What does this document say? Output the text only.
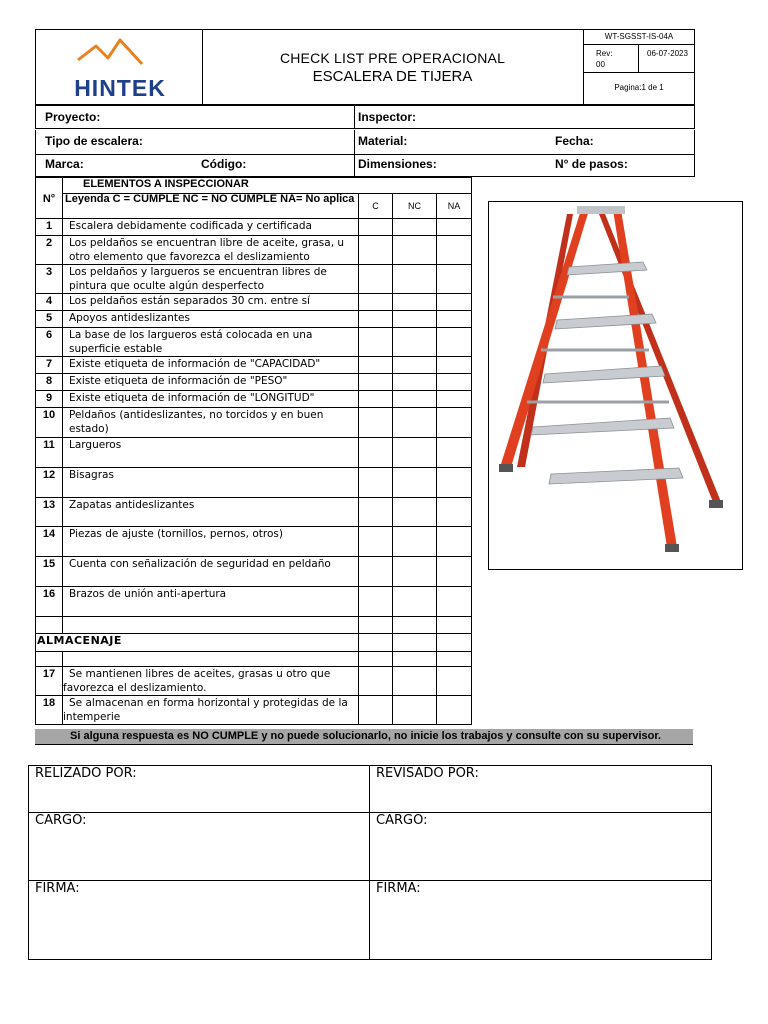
HINTEK
CHECK LIST PRE OPERACIONAL
ESCALERA DE TIJERA
WT-SGSST-IS-04A
Rev:
00
06-07-2023
Pagina:1 de 1
Proyecto:	Inspector:
Tipo de escalera:	Material:	Fecha:
Marca:	Código:	Dimensiones:	N° de pasos:
N°	ELEMENTOS A INSPECCIONAR			
	Leyenda C = CUMPLE NC = NO CUMPLE NA= No aplica	C	NC	NA
1	Escalera debidamente codificada y certificada			
2	Los peldaños se encuentran libre de aceite, grasa, u otro elemento que favorezca el deslizamiento			
3	Los peldaños y largueros se encuentran libres de pintura que oculte algún desperfecto			
4	Los peldaños están separados 30 cm. entre sí			
5	Apoyos antideslizantes			
6	La base de los largueros está colocada en una superficie estable			
7	Existe etiqueta de información de "CAPACIDAD"			
8	Existe etiqueta de información de "PESO"			
9	Existe etiqueta de información de "LONGITUD"			
10	Peldaños (antideslizantes, no torcidos y en buen estado)			
11	Largueros			
12	Bisagras			
13	Zapatas antideslizantes			
14	Piezas de ajuste (tornillos, pernos, otros)			
15	Cuenta con señalización de seguridad en peldaño			
16	Brazos de unión anti-apertura			

ALMACENAJE				

17	Se mantienen libres de aceites, grasas u otro que favorezca el deslizamiento.			
18	Se almacenan en forma horizontal y protegidas de la intemperie			
Si alguna respuesta es NO CUMPLE y no puede solucionarlo, no inicie los trabajos y consulte con su supervisor.
RELIZADO POR:	REVISADO POR:
CARGO:	CARGO:
FIRMA:	FIRMA:
